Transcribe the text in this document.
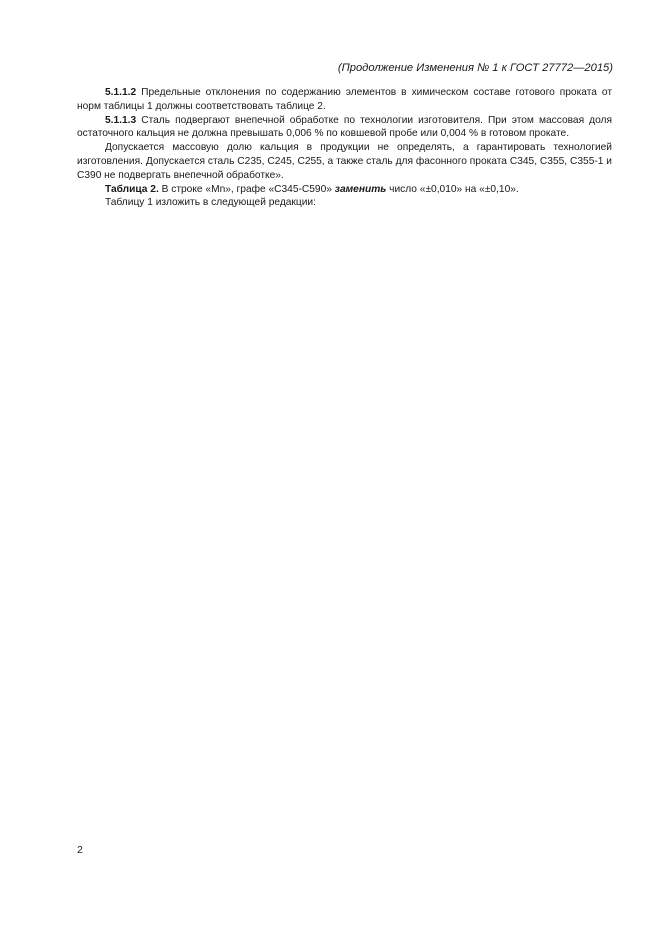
(Продолжение Изменения № 1 к ГОСТ 27772—2015)

5.1.1.2 Предельные отклонения по содержанию элементов в химическом составе готового проката от норм таблицы 1 должны соответствовать таблице 2.

5.1.1.3 Сталь подвергают внепечной обработке по технологии изготовителя. При этом массовая доля остаточного кальция не должна превышать 0,006 % по ковшевой пробе или 0,004 % в готовом прокате.

Допускается массовую долю кальция в продукции не определять, а гарантировать технологией изготовления. Допускается сталь С235, С245, С255, а также сталь для фасонного проката С345, С355, С355-1 и С390 не подвергать внепечной обработке».

Таблица 2. В строке «Mn», графе «С345-С590» заменить число «±0,010» на «±0,10».

Таблицу 1 изложить в следующей редакции:

2
